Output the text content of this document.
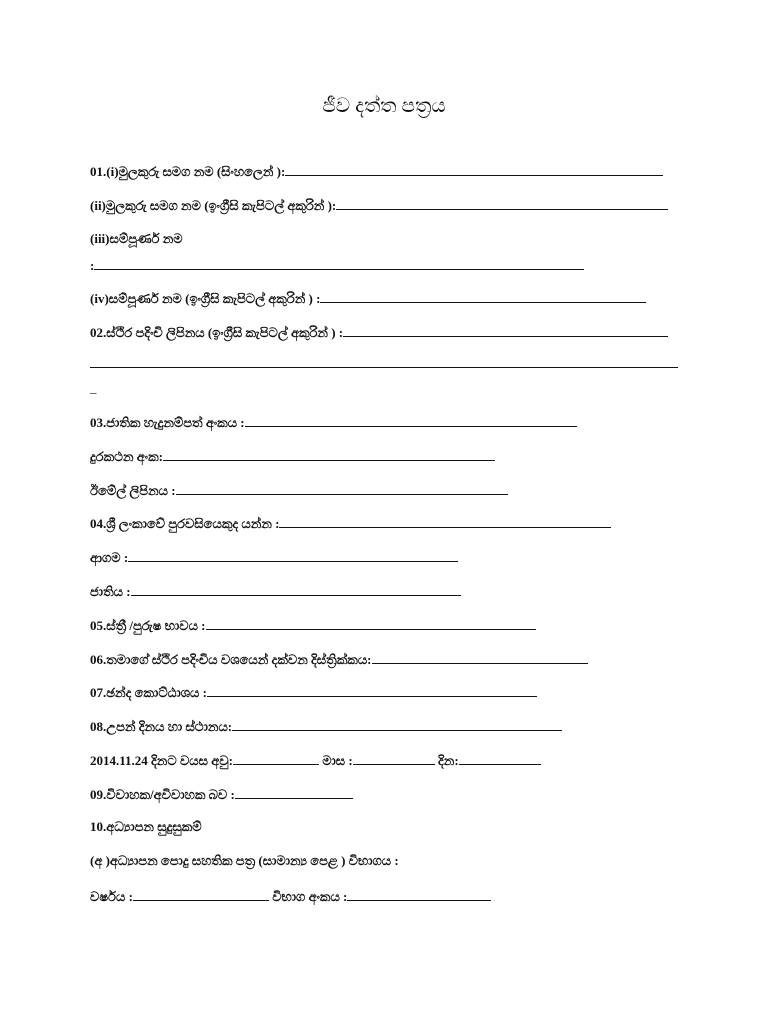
ජීව දත්ත පත්‍රය
01.(i)මුලකුරු සමග නම (සිංහලෙන් ):
(ii)මුලකුරු සමග නම (ඉංග්‍රීසි කැපිටල් අකුරින් ):
(iii)සම්පූර්ණ නම
:
(iv)සම්පූර්ණ නම (ඉංග්‍රීසි කැපිටල් අකුරින් ) :
02.ස්ථිර පදිංචි ලිපිනය (ඉංග්‍රීසි කැපිටල් අකුරින් ) :
_
03.ජාතික හැදුනම්පත් අංකය :
දුරකථන අංක:
ඊමේල් ලිපිනය :
04.ශ්‍රී ලංකාවේ පුරවසියෙකුද යන්න :
ආගම :
ජාතිය :
05.ස්ත්‍රී /පුරුෂ භාවය :
06.තමාගේ ස්ථිර පදිංචිය වශයෙන් දක්වන දිස්ත්‍රික්කය:
07.ඡන්ද කොට්ඨාශය :
08.උපන් දිනය හා ස්ථානය:
2014.11.24 දිනට වයස අවු:	මාස :	දින:
09.විවාහක/අවිවාහක බව :
10.අධ්‍යාපන සුදුසුකම්
(අ )අධ්‍යාපන පොදු සහතික පත්‍ර (සාමාන්‍ය පෙළ ) විභාගය :
වර්ෂය :	විභාග අංකය :
